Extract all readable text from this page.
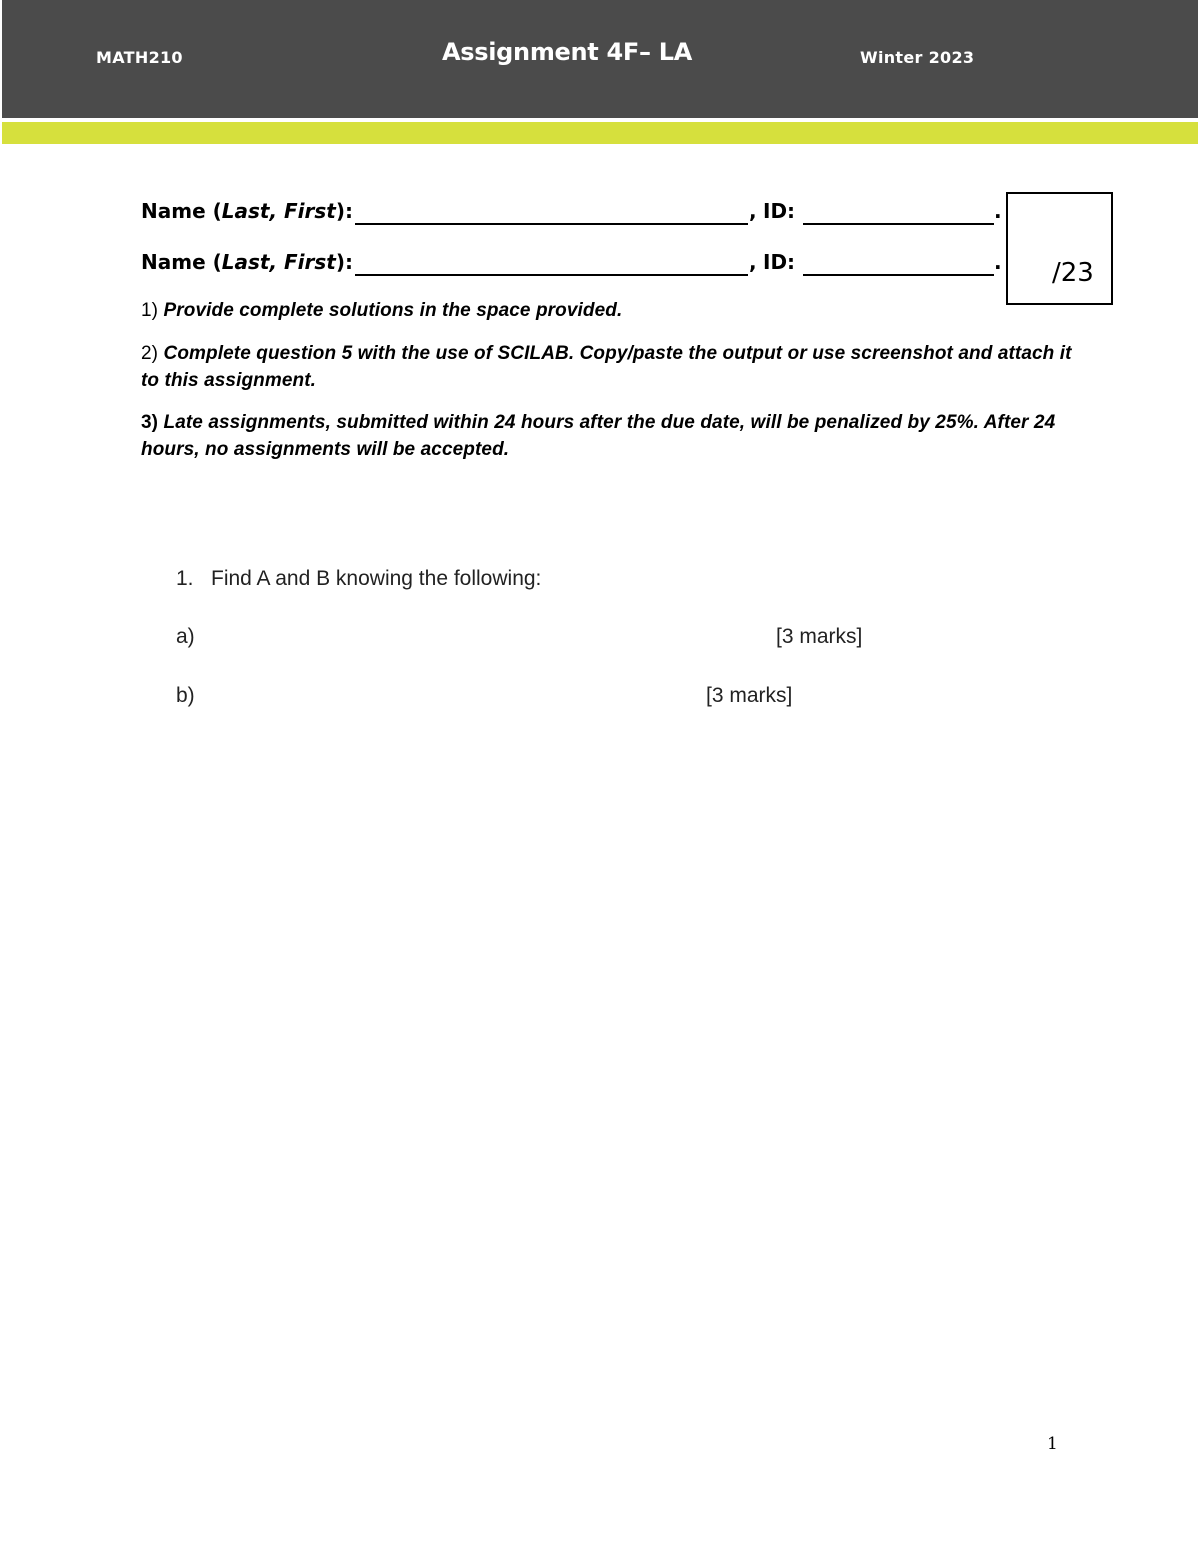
MATH210	Assignment 4F– LA	Winter 2023
Name (Last, First):	, ID:	.
Name (Last, First):	, ID:	. /23
1) Provide complete solutions in the space provided.
2) Complete question 5 with the use of SCILAB. Copy/paste the output or use screenshot and attach it to this assignment.
3) Late assignments, submitted within 24 hours after the due date, will be penalized by 25%. After 24 hours, no assignments will be accepted.
1. Find A and B knowing the following:
a)	[3 marks]
b)	[3 marks]
1
